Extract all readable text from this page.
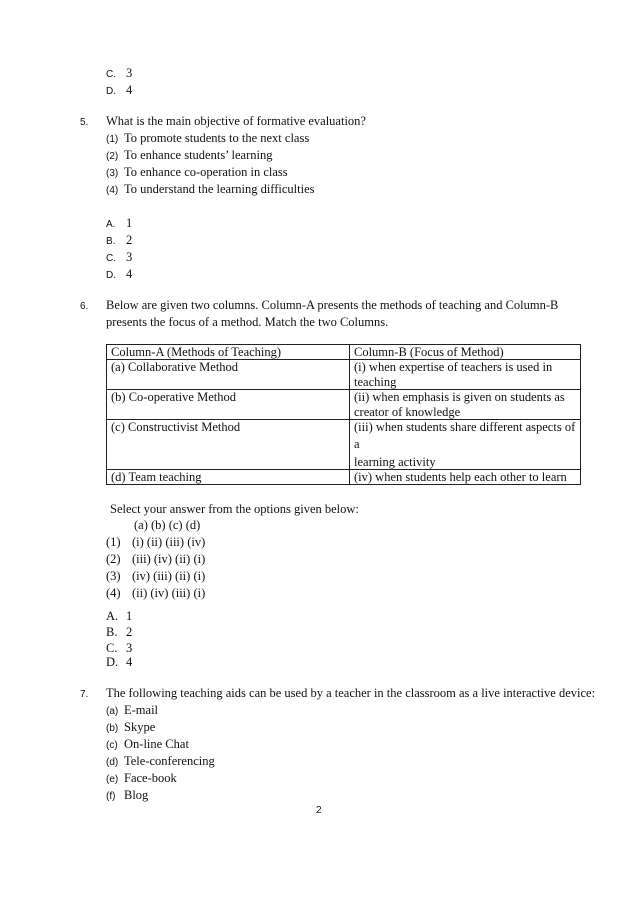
C. 3
D. 4
5. What is the main objective of formative evaluation?
(1) To promote students to the next class
(2) To enhance students’ learning
(3) To enhance co-operation in class
(4) To understand the learning difficulties
A. 1
B. 2
C. 3
D. 4
6. Below are given two columns. Column-A presents the methods of teaching and Column-B
presents the focus of a method. Match the two Columns.
Column-A (Methods of Teaching)	Column-B (Focus of Method)
(a) Collaborative Method	(i) when expertise of teachers is used in
teaching

(b) Co-operative Method	(ii) when emphasis is given on students as
creator of knowledge

(c) Constructivist Method	(iii) when students share different aspects of
a
learning activity

(d) Team teaching	(iv) when students help each other to learn
Select your answer from the options given below:
(a) (b) (c) (d)
(1) (i) (ii) (iii) (iv)
(2) (iii) (iv) (ii) (i)
(3) (iv) (iii) (ii) (i)
(4) (ii) (iv) (iii) (i)
A. 1
B. 2
C. 3
D. 4
7. The following teaching aids can be used by a teacher in the classroom as a live interactive device:
(a) E-mail
(b) Skype
(c) On-line Chat
(d) Tele-conferencing
(e) Face-book
(f) Blog
2
